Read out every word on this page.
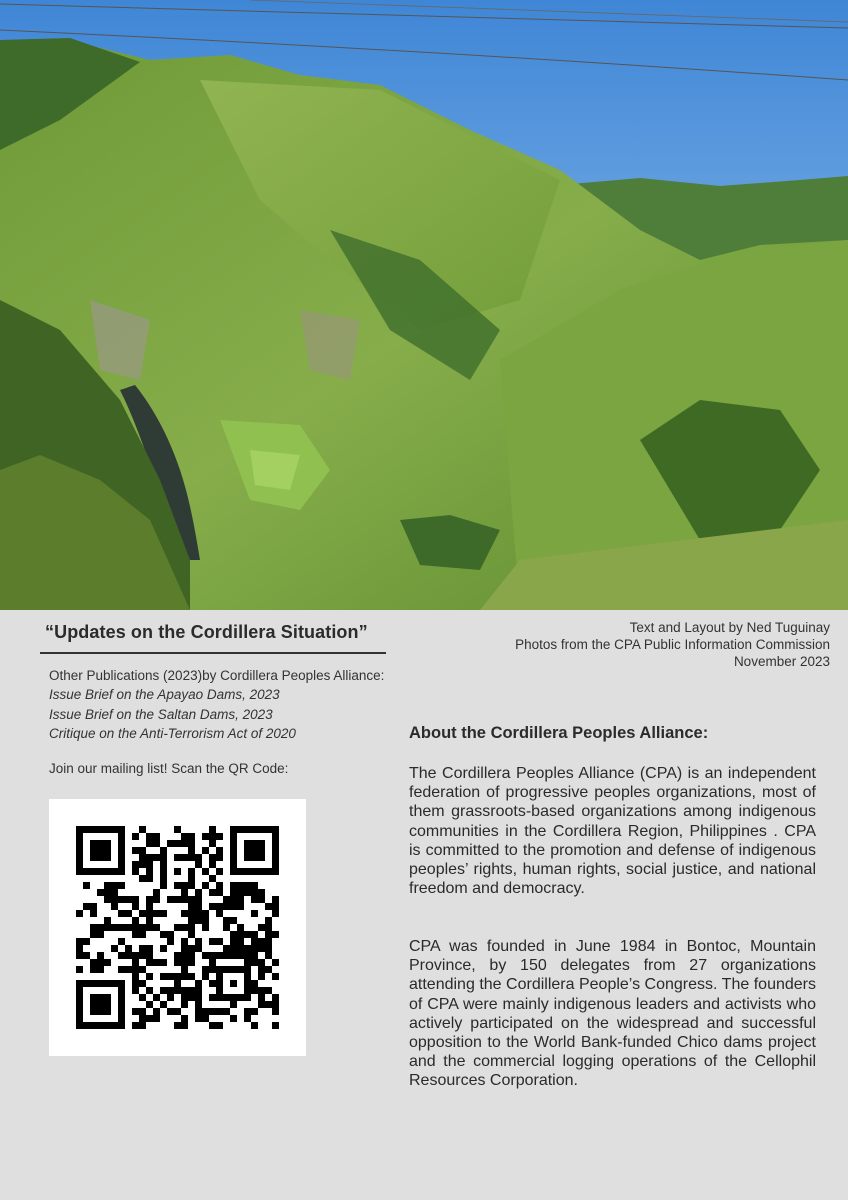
“Updates on the Cordillera Situation”	Text and Layout by Ned Tuguinay
Photos from the CPA Public Information Commission
November 2023
Other Publications (2023)by Cordillera Peoples Alliance:
Issue Brief on the Apayao Dams, 2023
Issue Brief on the Saltan Dams, 2023
Critique on the Anti-Terrorism Act of 2020
Join our mailing list! Scan the QR Code:
About the Cordillera Peoples Alliance:

The Cordillera Peoples Alliance (CPA) is an independent federation of progressive peoples organizations, most of them grassroots-based organizations among indigenous communities in the Cordillera Region, Philippines . CPA is committed to the promotion and defense of indigenous peoples’ rights, human rights, social justice, and national freedom and democracy.

CPA was founded in June 1984 in Bontoc, Mountain Province, by 150 delegates from 27 organizations attending the Cordillera People’s Congress. The founders of CPA were mainly indigenous leaders and activists who actively participated on the widespread and successful opposition to the World Bank-funded Chico dams project and the commercial logging operations of the Cellophil Resources Corporation.
